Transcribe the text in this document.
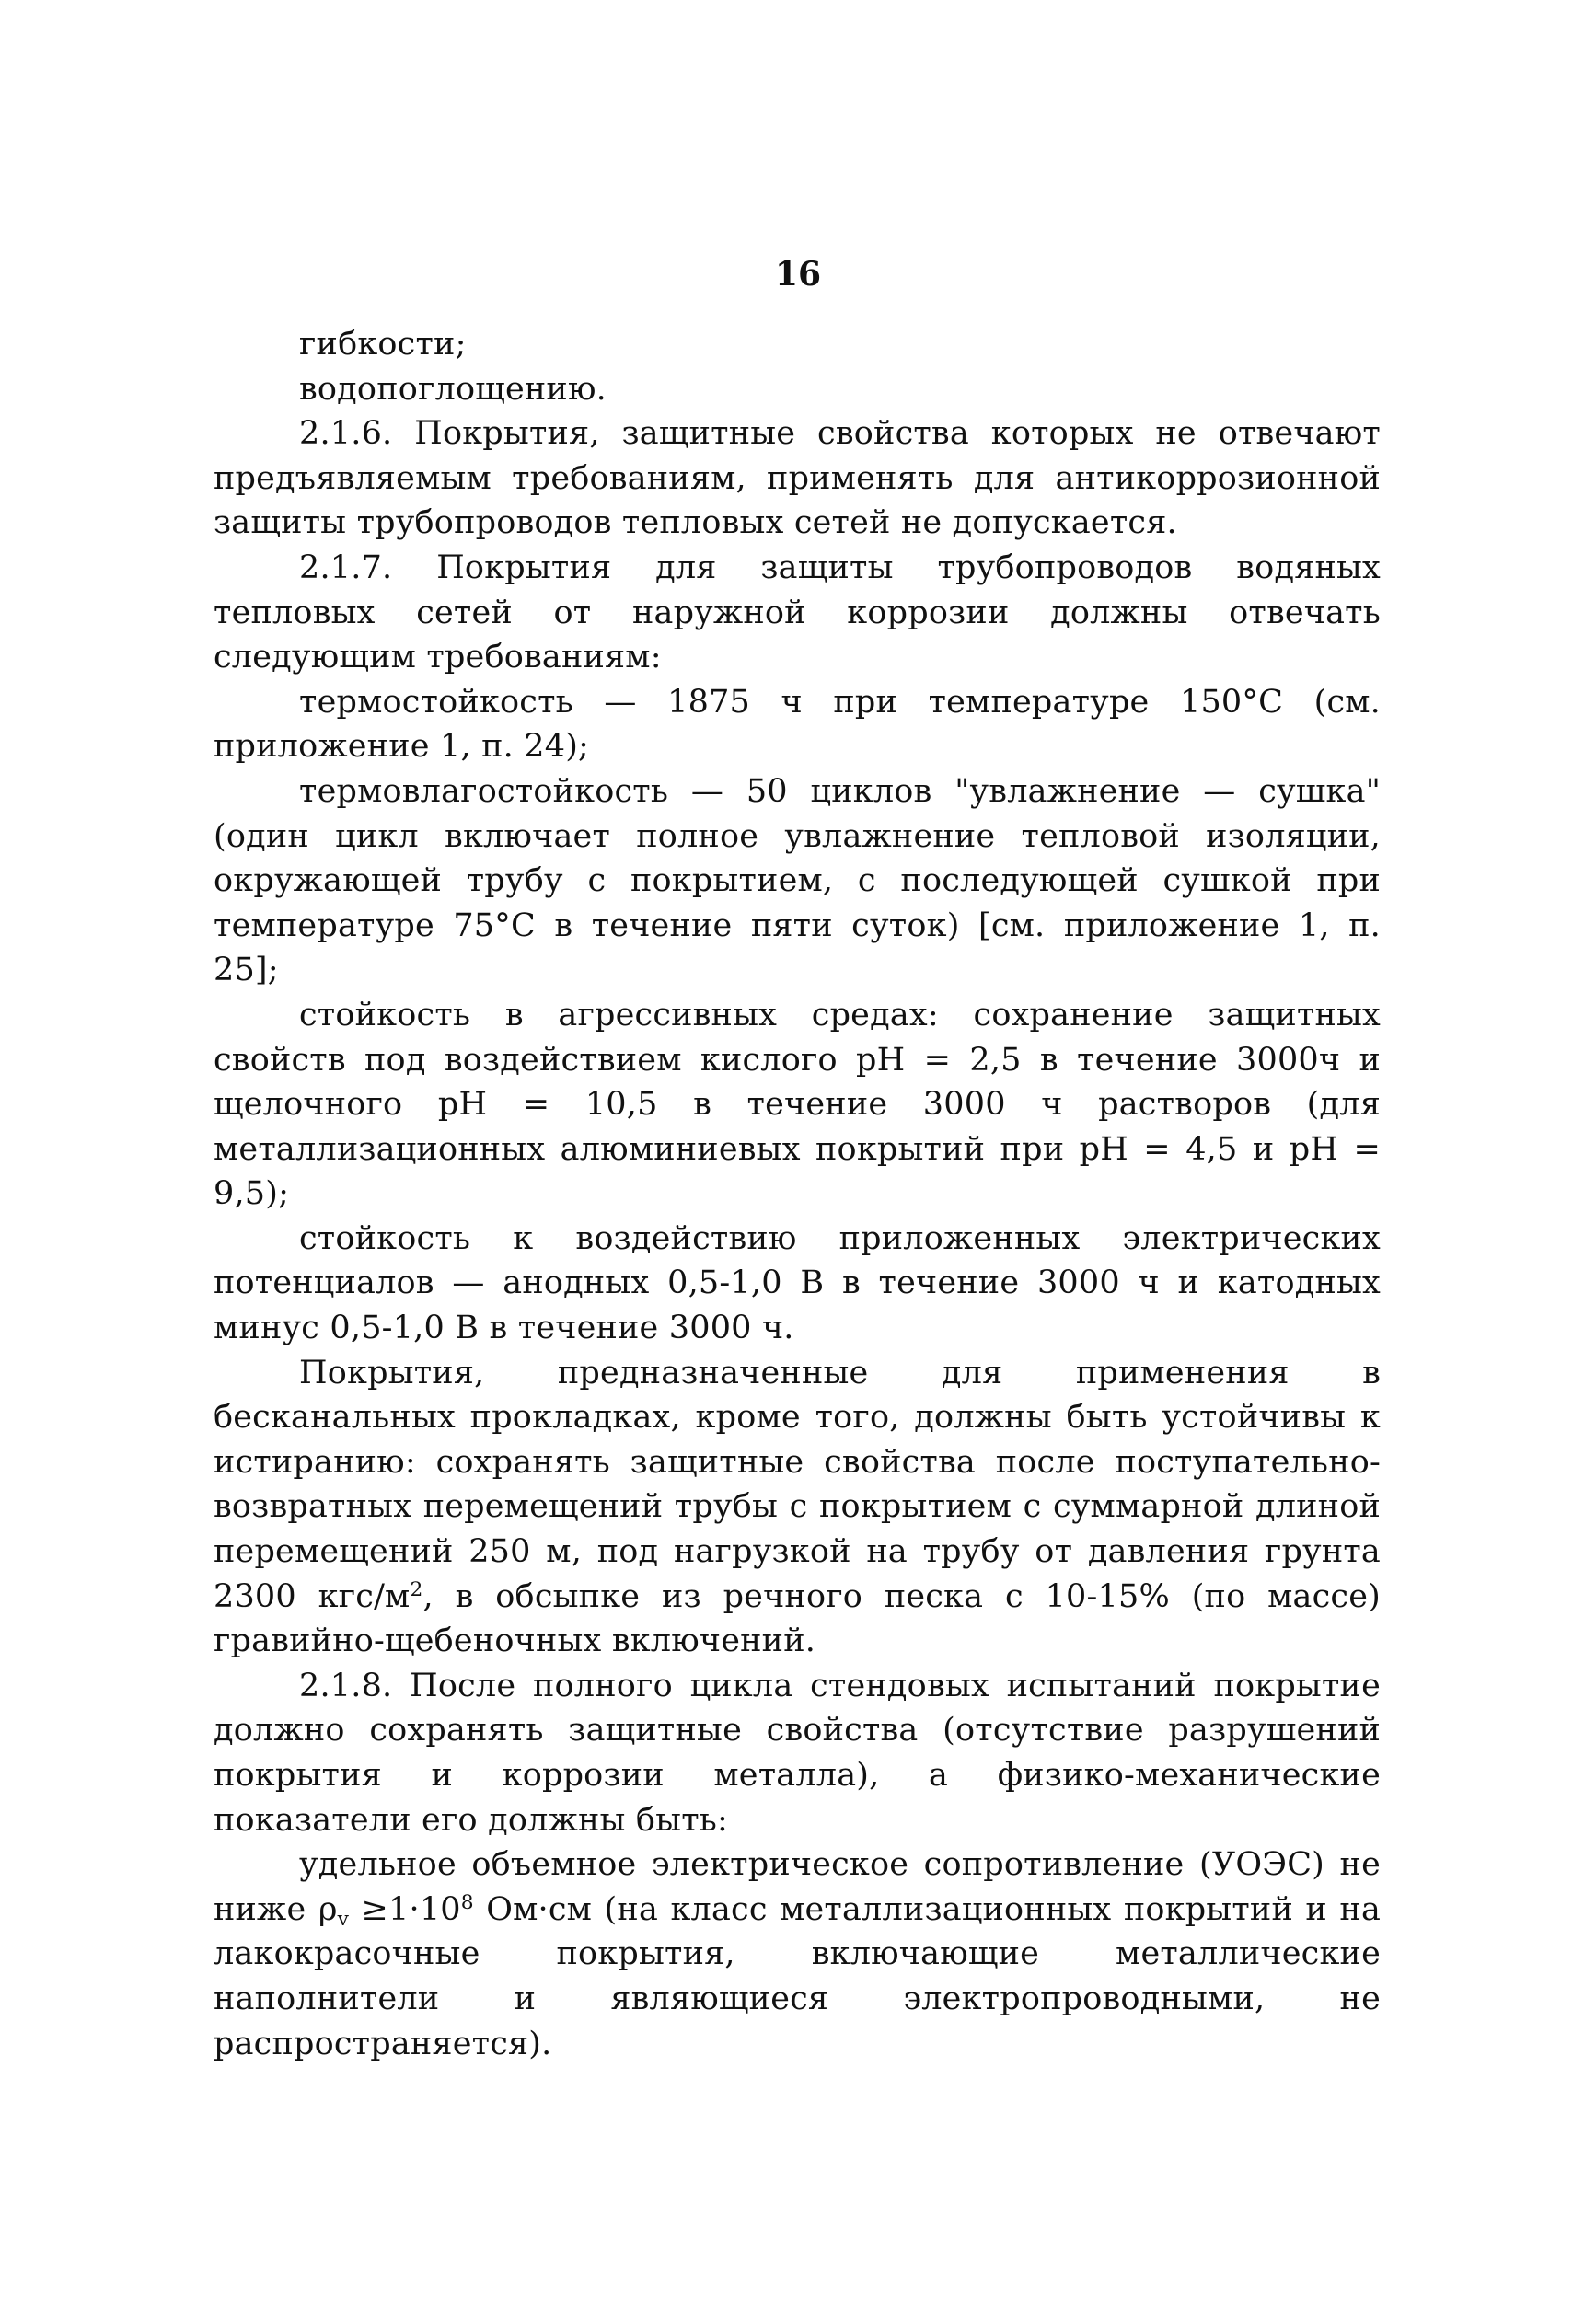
16

гибкости;

водопоглощению.

2.1.6. Покрытия, защитные свойства которых не отвечают предъявляемым требованиям, применять для антикоррозионной защиты трубопроводов тепловых сетей не допускается.

2.1.7. Покрытия для защиты трубопроводов водяных тепловых сетей от наружной коррозии должны отвечать следующим требованиям:

термостойкость — 1875 ч при температуре 150°С (см. приложение 1, п. 24);

термовлагостойкость — 50 циклов "увлажнение — сушка" (один цикл включает полное увлажнение тепловой изоляции, окружающей трубу с покрытием, с последующей сушкой при температуре 75°С в течение пяти суток) [см. приложение 1, п. 25];

стойкость в агрессивных средах: сохранение защитных свойств под воздействием кислого pH = 2,5 в течение 3000ч и щелочного pH = 10,5 в течение 3000 ч растворов (для металлизационных алюминиевых покрытий при pH = 4,5 и pH = 9,5);

стойкость к воздействию приложенных электрических потенциалов — анодных 0,5-1,0 В в течение 3000 ч и катодных минус 0,5-1,0 В в течение 3000 ч.

Покрытия, предназначенные для применения в бесканальных прокладках, кроме того, должны быть устойчивы к истиранию: сохранять защитные свойства после поступательно-возвратных перемещений трубы с покрытием с суммарной длиной перемещений 250 м, под нагрузкой на трубу от давления грунта 2300 кгс/$м^2$, в обсыпке из речного песка с 10-15% (по массе) гравийно-щебеночных включений.

2.1.8. После полного цикла стендовых испытаний покрытие должно сохранять защитные свойства (отсутствие разрушений покрытия и коррозии металла), а физико-механические показатели его должны быть:

удельное объемное электрическое сопротивление (УОЭС) не ниже $\rho_v \ge 1\cdot 10^8$ Ом·см (на класс металлизационных покрытий и на лакокрасочные покрытия, включающие металлические наполнители и являющиеся электропроводными, не распространяется).
